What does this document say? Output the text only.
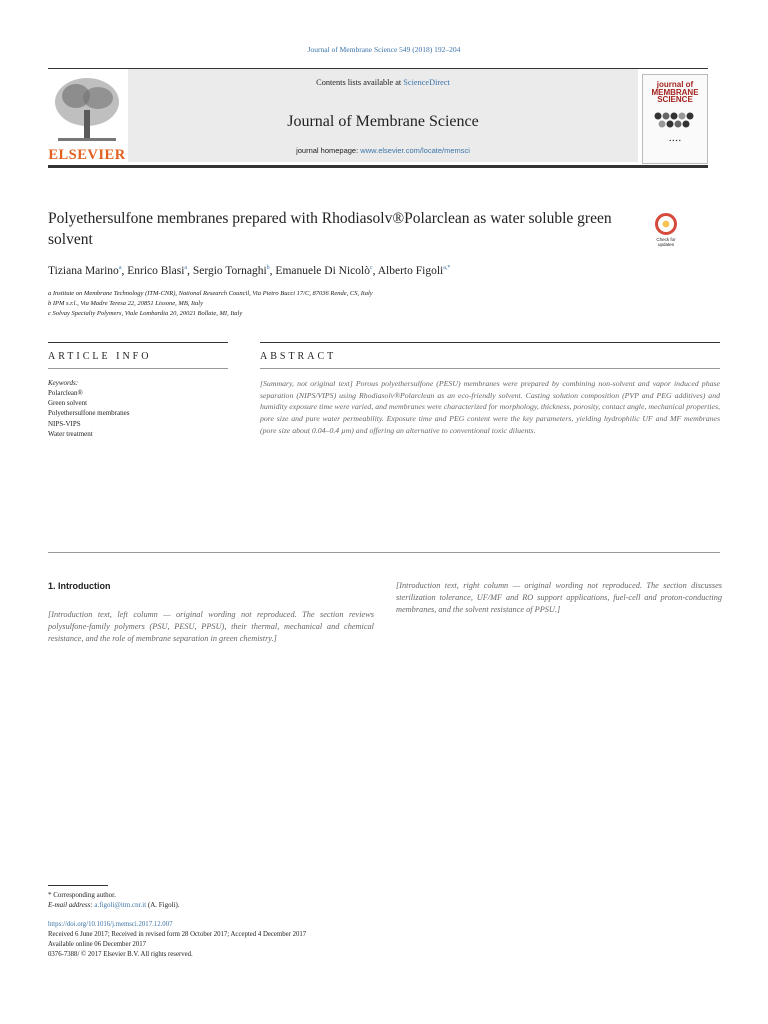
Journal of Membrane Science 549 (2018) 192–204
ELSEVIER
Contents lists available at ScienceDirect
Journal of Membrane Science
journal homepage: www.elsevier.com/locate/memsci
journal of MEMBRANE SCIENCE
▪ ▪ ▪ ▪
Polyethersulfone membranes prepared with Rhodiasolv®Polarclean as water soluble green solvent	Check for updates
Tiziana Marino$^a$, Enrico Blasi$^a$, Sergio Tornaghi$^b$, Emanuele Di Nicolò$^c$, Alberto Figoli$^{a,*}$
a Institute on Membrane Technology (ITM-CNR), National Research Council, Via Pietro Bucci 17/C, 87036 Rende, CS, Italy
b IPM s.r.l., Via Madre Teresa 22, 20851 Lissone, MB, Italy
c Solvay Specialty Polymers, Viale Lombardia 20, 20021 Bollate, MI, Italy
ARTICLE INFO	ABSTRACT
Keywords:
Polarclean®
Green solvent
Polyethersulfone membranes
NIPS-VIPS
Water treatment
[Summary, not original text] Porous polyethersulfone (PESU) membranes were prepared by combining non-solvent and vapor induced phase separation (NIPS/VIPS) using Rhodiasolv®Polarclean as an eco-friendly solvent. Casting solution composition (PVP and PEG additives) and humidity exposure time were varied, and membranes were characterized for morphology, thickness, porosity, contact angle, mechanical properties, pore size and pure water permeability. Exposure time and PEG content were the key parameters, yielding hydrophilic UF and MF membranes (pore size about 0.04–0.4 µm) and offering an alternative to conventional toxic diluents.
1. Introduction
[Introduction text, left column — original wording not reproduced. The section reviews polysulfone-family polymers (PSU, PESU, PPSU), their thermal, mechanical and chemical resistance, and the role of membrane separation in green chemistry.]
[Introduction text, right column — original wording not reproduced. The section discusses sterilization tolerance, UF/MF and RO support applications, fuel-cell and proton-conducting membranes, and the solvent resistance of PPSU.]
* Corresponding author.
E-mail address: a.figoli@itm.cnr.it (A. Figoli).
https://doi.org/10.1016/j.memsci.2017.12.007
Received 6 June 2017; Received in revised form 28 October 2017; Accepted 4 December 2017
Available online 06 December 2017
0376-7388/ © 2017 Elsevier B.V. All rights reserved.
